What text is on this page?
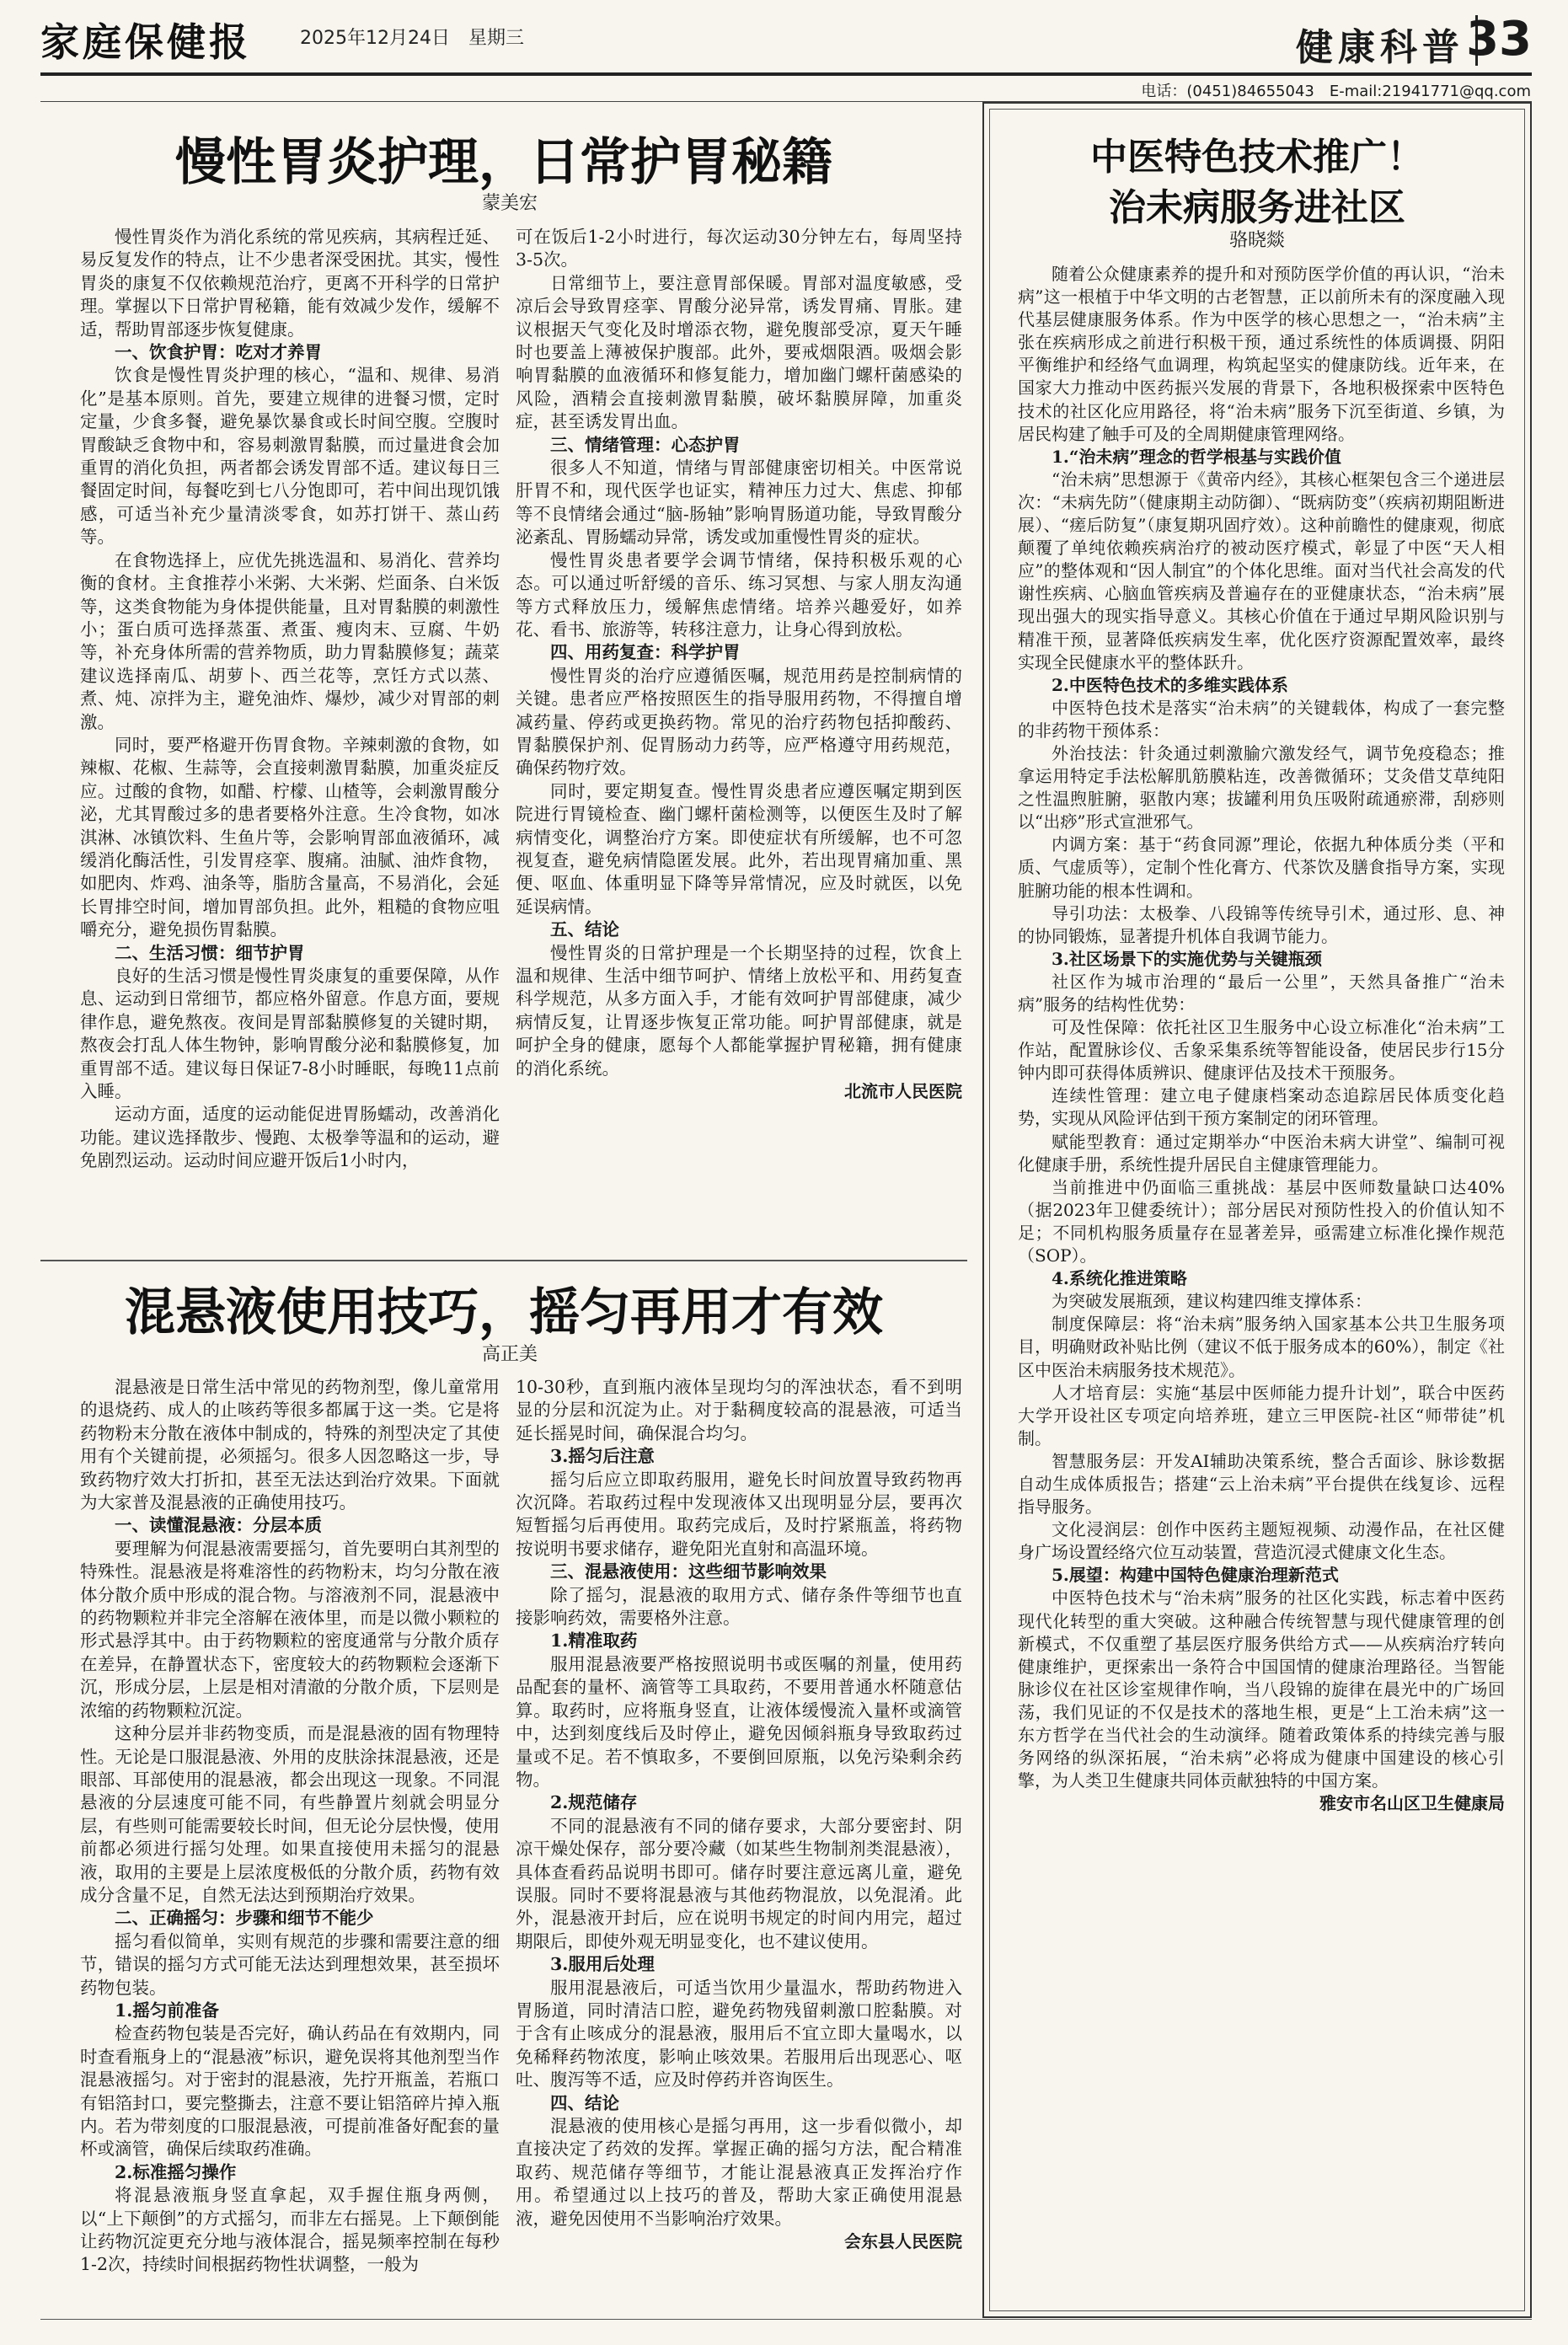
家庭保健报	2025年12月24日　星期三	健康科普 33
电话：(0451)84655043　E-mail:21941771@qq.com
慢性胃炎护理，日常护胃秘籍
蒙美宏

慢性胃炎作为消化系统的常见疾病，其病程迁延、易反复发作的特点，让不少患者深受困扰。其实，慢性胃炎的康复不仅依赖规范治疗，更离不开科学的日常护理。掌握以下日常护胃秘籍，能有效减少发作，缓解不适，帮助胃部逐步恢复健康。

一、饮食护胃：吃对才养胃

饮食是慢性胃炎护理的核心，“温和、规律、易消化”是基本原则。首先，要建立规律的进餐习惯，定时定量，少食多餐，避免暴饮暴食或长时间空腹。空腹时胃酸缺乏食物中和，容易刺激胃黏膜，而过量进食会加重胃的消化负担，两者都会诱发胃部不适。建议每日三餐固定时间，每餐吃到七八分饱即可，若中间出现饥饿感，可适当补充少量清淡零食，如苏打饼干、蒸山药等。

在食物选择上，应优先挑选温和、易消化、营养均衡的食材。主食推荐小米粥、大米粥、烂面条、白米饭等，这类食物能为身体提供能量，且对胃黏膜的刺激性小；蛋白质可选择蒸蛋、煮蛋、瘦肉末、豆腐、牛奶等，补充身体所需的营养物质，助力胃黏膜修复；蔬菜建议选择南瓜、胡萝卜、西兰花等，烹饪方式以蒸、煮、炖、凉拌为主，避免油炸、爆炒，减少对胃部的刺激。

同时，要严格避开伤胃食物。辛辣刺激的食物，如辣椒、花椒、生蒜等，会直接刺激胃黏膜，加重炎症反应。过酸的食物，如醋、柠檬、山楂等，会刺激胃酸分泌，尤其胃酸过多的患者要格外注意。生冷食物，如冰淇淋、冰镇饮料、生鱼片等，会影响胃部血液循环，减缓消化酶活性，引发胃痉挛、腹痛。油腻、油炸食物，如肥肉、炸鸡、油条等，脂肪含量高，不易消化，会延长胃排空时间，增加胃部负担。此外，粗糙的食物应咀嚼充分，避免损伤胃黏膜。

二、生活习惯：细节护胃

良好的生活习惯是慢性胃炎康复的重要保障，从作息、运动到日常细节，都应格外留意。作息方面，要规律作息，避免熬夜。夜间是胃部黏膜修复的关键时期，熬夜会打乱人体生物钟，影响胃酸分泌和黏膜修复，加重胃部不适。建议每日保证7-8小时睡眠，每晚11点前入睡。

运动方面，适度的运动能促进胃肠蠕动，改善消化功能。建议选择散步、慢跑、太极拳等温和的运动，避免剧烈运动。运动时间应避开饭后1小时内，

可在饭后1-2小时进行，每次运动30分钟左右，每周坚持3-5次。

日常细节上，要注意胃部保暖。胃部对温度敏感，受凉后会导致胃痉挛、胃酸分泌异常，诱发胃痛、胃胀。建议根据天气变化及时增添衣物，避免腹部受凉，夏天午睡时也要盖上薄被保护腹部。此外，要戒烟限酒。吸烟会影响胃黏膜的血液循环和修复能力，增加幽门螺杆菌感染的风险，酒精会直接刺激胃黏膜，破坏黏膜屏障，加重炎症，甚至诱发胃出血。

三、情绪管理：心态护胃

很多人不知道，情绪与胃部健康密切相关。中医常说肝胃不和，现代医学也证实，精神压力过大、焦虑、抑郁等不良情绪会通过“脑-肠轴”影响胃肠道功能，导致胃酸分泌紊乱、胃肠蠕动异常，诱发或加重慢性胃炎的症状。

慢性胃炎患者要学会调节情绪，保持积极乐观的心态。可以通过听舒缓的音乐、练习冥想、与家人朋友沟通等方式释放压力，缓解焦虑情绪。培养兴趣爱好，如养花、看书、旅游等，转移注意力，让身心得到放松。

四、用药复查：科学护胃

慢性胃炎的治疗应遵循医嘱，规范用药是控制病情的关键。患者应严格按照医生的指导服用药物，不得擅自增减药量、停药或更换药物。常见的治疗药物包括抑酸药、胃黏膜保护剂、促胃肠动力药等，应严格遵守用药规范，确保药物疗效。

同时，要定期复查。慢性胃炎患者应遵医嘱定期到医院进行胃镜检查、幽门螺杆菌检测等，以便医生及时了解病情变化，调整治疗方案。即使症状有所缓解，也不可忽视复查，避免病情隐匿发展。此外，若出现胃痛加重、黑便、呕血、体重明显下降等异常情况，应及时就医，以免延误病情。

五、结论

慢性胃炎的日常护理是一个长期坚持的过程，饮食上温和规律、生活中细节呵护、情绪上放松平和、用药复查科学规范，从多方面入手，才能有效呵护胃部健康，减少病情反复，让胃逐步恢复正常功能。呵护胃部健康，就是呵护全身的健康，愿每个人都能掌握护胃秘籍，拥有健康的消化系统。

北流市人民医院

混悬液使用技巧，摇匀再用才有效
高正美

混悬液是日常生活中常见的药物剂型，像儿童常用的退烧药、成人的止咳药等很多都属于这一类。它是将药物粉末分散在液体中制成的，特殊的剂型决定了其使用有个关键前提，必须摇匀。很多人因忽略这一步，导致药物疗效大打折扣，甚至无法达到治疗效果。下面就为大家普及混悬液的正确使用技巧。

一、读懂混悬液：分层本质

要理解为何混悬液需要摇匀，首先要明白其剂型的特殊性。混悬液是将难溶性的药物粉末，均匀分散在液体分散介质中形成的混合物。与溶液剂不同，混悬液中的药物颗粒并非完全溶解在液体里，而是以微小颗粒的形式悬浮其中。由于药物颗粒的密度通常与分散介质存在差异，在静置状态下，密度较大的药物颗粒会逐渐下沉，形成分层，上层是相对清澈的分散介质，下层则是浓缩的药物颗粒沉淀。

这种分层并非药物变质，而是混悬液的固有物理特性。无论是口服混悬液、外用的皮肤涂抹混悬液，还是眼部、耳部使用的混悬液，都会出现这一现象。不同混悬液的分层速度可能不同，有些静置片刻就会明显分层，有些则可能需要较长时间，但无论分层快慢，使用前都必须进行摇匀处理。如果直接使用未摇匀的混悬液，取用的主要是上层浓度极低的分散介质，药物有效成分含量不足，自然无法达到预期治疗效果。

二、正确摇匀：步骤和细节不能少

摇匀看似简单，实则有规范的步骤和需要注意的细节，错误的摇匀方式可能无法达到理想效果，甚至损坏药物包装。

1.摇匀前准备

检查药物包装是否完好，确认药品在有效期内，同时查看瓶身上的“混悬液”标识，避免误将其他剂型当作混悬液摇匀。对于密封的混悬液，先拧开瓶盖，若瓶口有铝箔封口，要完整撕去，注意不要让铝箔碎片掉入瓶内。若为带刻度的口服混悬液，可提前准备好配套的量杯或滴管，确保后续取药准确。

2.标准摇匀操作

将混悬液瓶身竖直拿起，双手握住瓶身两侧，以“上下颠倒”的方式摇匀，而非左右摇晃。上下颠倒能让药物沉淀更充分地与液体混合，摇晃频率控制在每秒1-2次，持续时间根据药物性状调整，一般为

10-30秒，直到瓶内液体呈现均匀的浑浊状态，看不到明显的分层和沉淀为止。对于黏稠度较高的混悬液，可适当延长摇晃时间，确保混合均匀。

3.摇匀后注意

摇匀后应立即取药服用，避免长时间放置导致药物再次沉降。若取药过程中发现液体又出现明显分层，要再次短暂摇匀后再使用。取药完成后，及时拧紧瓶盖，将药物按说明书要求储存，避免阳光直射和高温环境。

三、混悬液使用：这些细节影响效果

除了摇匀，混悬液的取用方式、储存条件等细节也直接影响药效，需要格外注意。

1.精准取药

服用混悬液要严格按照说明书或医嘱的剂量，使用药品配套的量杯、滴管等工具取药，不要用普通水杯随意估算。取药时，应将瓶身竖直，让液体缓慢流入量杯或滴管中，达到刻度线后及时停止，避免因倾斜瓶身导致取药过量或不足。若不慎取多，不要倒回原瓶，以免污染剩余药物。

2.规范储存

不同的混悬液有不同的储存要求，大部分要密封、阴凉干燥处保存，部分要冷藏（如某些生物制剂类混悬液），具体查看药品说明书即可。储存时要注意远离儿童，避免误服。同时不要将混悬液与其他药物混放，以免混淆。此外，混悬液开封后，应在说明书规定的时间内用完，超过期限后，即使外观无明显变化，也不建议使用。

3.服用后处理

服用混悬液后，可适当饮用少量温水，帮助药物进入胃肠道，同时清洁口腔，避免药物残留刺激口腔黏膜。对于含有止咳成分的混悬液，服用后不宜立即大量喝水，以免稀释药物浓度，影响止咳效果。若服用后出现恶心、呕吐、腹泻等不适，应及时停药并咨询医生。

四、结论

混悬液的使用核心是摇匀再用，这一步看似微小，却直接决定了药效的发挥。掌握正确的摇匀方法，配合精准取药、规范储存等细节，才能让混悬液真正发挥治疗作用。希望通过以上技巧的普及，帮助大家正确使用混悬液，避免因使用不当影响治疗效果。

会东县人民医院

中医特色技术推广！
治未病服务进社区
骆晓燚

随着公众健康素养的提升和对预防医学价值的再认识，“治未病”这一根植于中华文明的古老智慧，正以前所未有的深度融入现代基层健康服务体系。作为中医学的核心思想之一，“治未病”主张在疾病形成之前进行积极干预，通过系统性的体质调摄、阴阳平衡维护和经络气血调理，构筑起坚实的健康防线。近年来，在国家大力推动中医药振兴发展的背景下，各地积极探索中医特色技术的社区化应用路径，将“治未病”服务下沉至街道、乡镇，为居民构建了触手可及的全周期健康管理网络。

1.“治未病”理念的哲学根基与实践价值

“治未病”思想源于《黄帝内经》，其核心框架包含三个递进层次：“未病先防”（健康期主动防御）、“既病防变”（疾病初期阻断进展）、“瘥后防复”（康复期巩固疗效）。这种前瞻性的健康观，彻底颠覆了单纯依赖疾病治疗的被动医疗模式，彰显了中医“天人相应”的整体观和“因人制宜”的个体化思维。面对当代社会高发的代谢性疾病、心脑血管疾病及普遍存在的亚健康状态，“治未病”展现出强大的现实指导意义。其核心价值在于通过早期风险识别与精准干预，显著降低疾病发生率，优化医疗资源配置效率，最终实现全民健康水平的整体跃升。

2.中医特色技术的多维实践体系

中医特色技术是落实“治未病”的关键载体，构成了一套完整的非药物干预体系：

外治技法：针灸通过刺激腧穴激发经气，调节免疫稳态；推拿运用特定手法松解肌筋膜粘连，改善微循环；艾灸借艾草纯阳之性温煦脏腑，驱散内寒；拔罐利用负压吸附疏通瘀滞，刮痧则以“出痧”形式宣泄邪气。

内调方案：基于“药食同源”理论，依据九种体质分类（平和质、气虚质等），定制个性化膏方、代茶饮及膳食指导方案，实现脏腑功能的根本性调和。

导引功法：太极拳、八段锦等传统导引术，通过形、息、神的协同锻炼，显著提升机体自我调节能力。

3.社区场景下的实施优势与关键瓶颈

社区作为城市治理的“最后一公里”，天然具备推广“治未病”服务的结构性优势：

可及性保障：依托社区卫生服务中心设立标准化“治未病”工作站，配置脉诊仪、舌象采集系统等智能设备，使居民步行15分钟内即可获得体质辨识、健康评估及技术干预服务。

连续性管理：建立电子健康档案动态追踪居民体质变化趋势，实现从风险评估到干预方案制定的闭环管理。

赋能型教育：通过定期举办“中医治未病大讲堂”、编制可视化健康手册，系统性提升居民自主健康管理能力。

当前推进中仍面临三重挑战：基层中医师数量缺口达40%（据2023年卫健委统计）；部分居民对预防性投入的价值认知不足；不同机构服务质量存在显著差异，亟需建立标准化操作规范（SOP）。

4.系统化推进策略

为突破发展瓶颈，建议构建四维支撑体系：

制度保障层：将“治未病”服务纳入国家基本公共卫生服务项目，明确财政补贴比例（建议不低于服务成本的60%），制定《社区中医治未病服务技术规范》。

人才培育层：实施“基层中医师能力提升计划”，联合中医药大学开设社区专项定向培养班，建立三甲医院-社区“师带徒”机制。

智慧服务层：开发AI辅助决策系统，整合舌面诊、脉诊数据自动生成体质报告；搭建“云上治未病”平台提供在线复诊、远程指导服务。

文化浸润层：创作中医药主题短视频、动漫作品，在社区健身广场设置经络穴位互动装置，营造沉浸式健康文化生态。

5.展望：构建中国特色健康治理新范式

中医特色技术与“治未病”服务的社区化实践，标志着中医药现代化转型的重大突破。这种融合传统智慧与现代健康管理的创新模式，不仅重塑了基层医疗服务供给方式——从疾病治疗转向健康维护，更探索出一条符合中国国情的健康治理路径。当智能脉诊仪在社区诊室规律作响，当八段锦的旋律在晨光中的广场回荡，我们见证的不仅是技术的落地生根，更是“上工治未病”这一东方哲学在当代社会的生动演绎。随着政策体系的持续完善与服务网络的纵深拓展，“治未病”必将成为健康中国建设的核心引擎，为人类卫生健康共同体贡献独特的中国方案。

雅安市名山区卫生健康局
